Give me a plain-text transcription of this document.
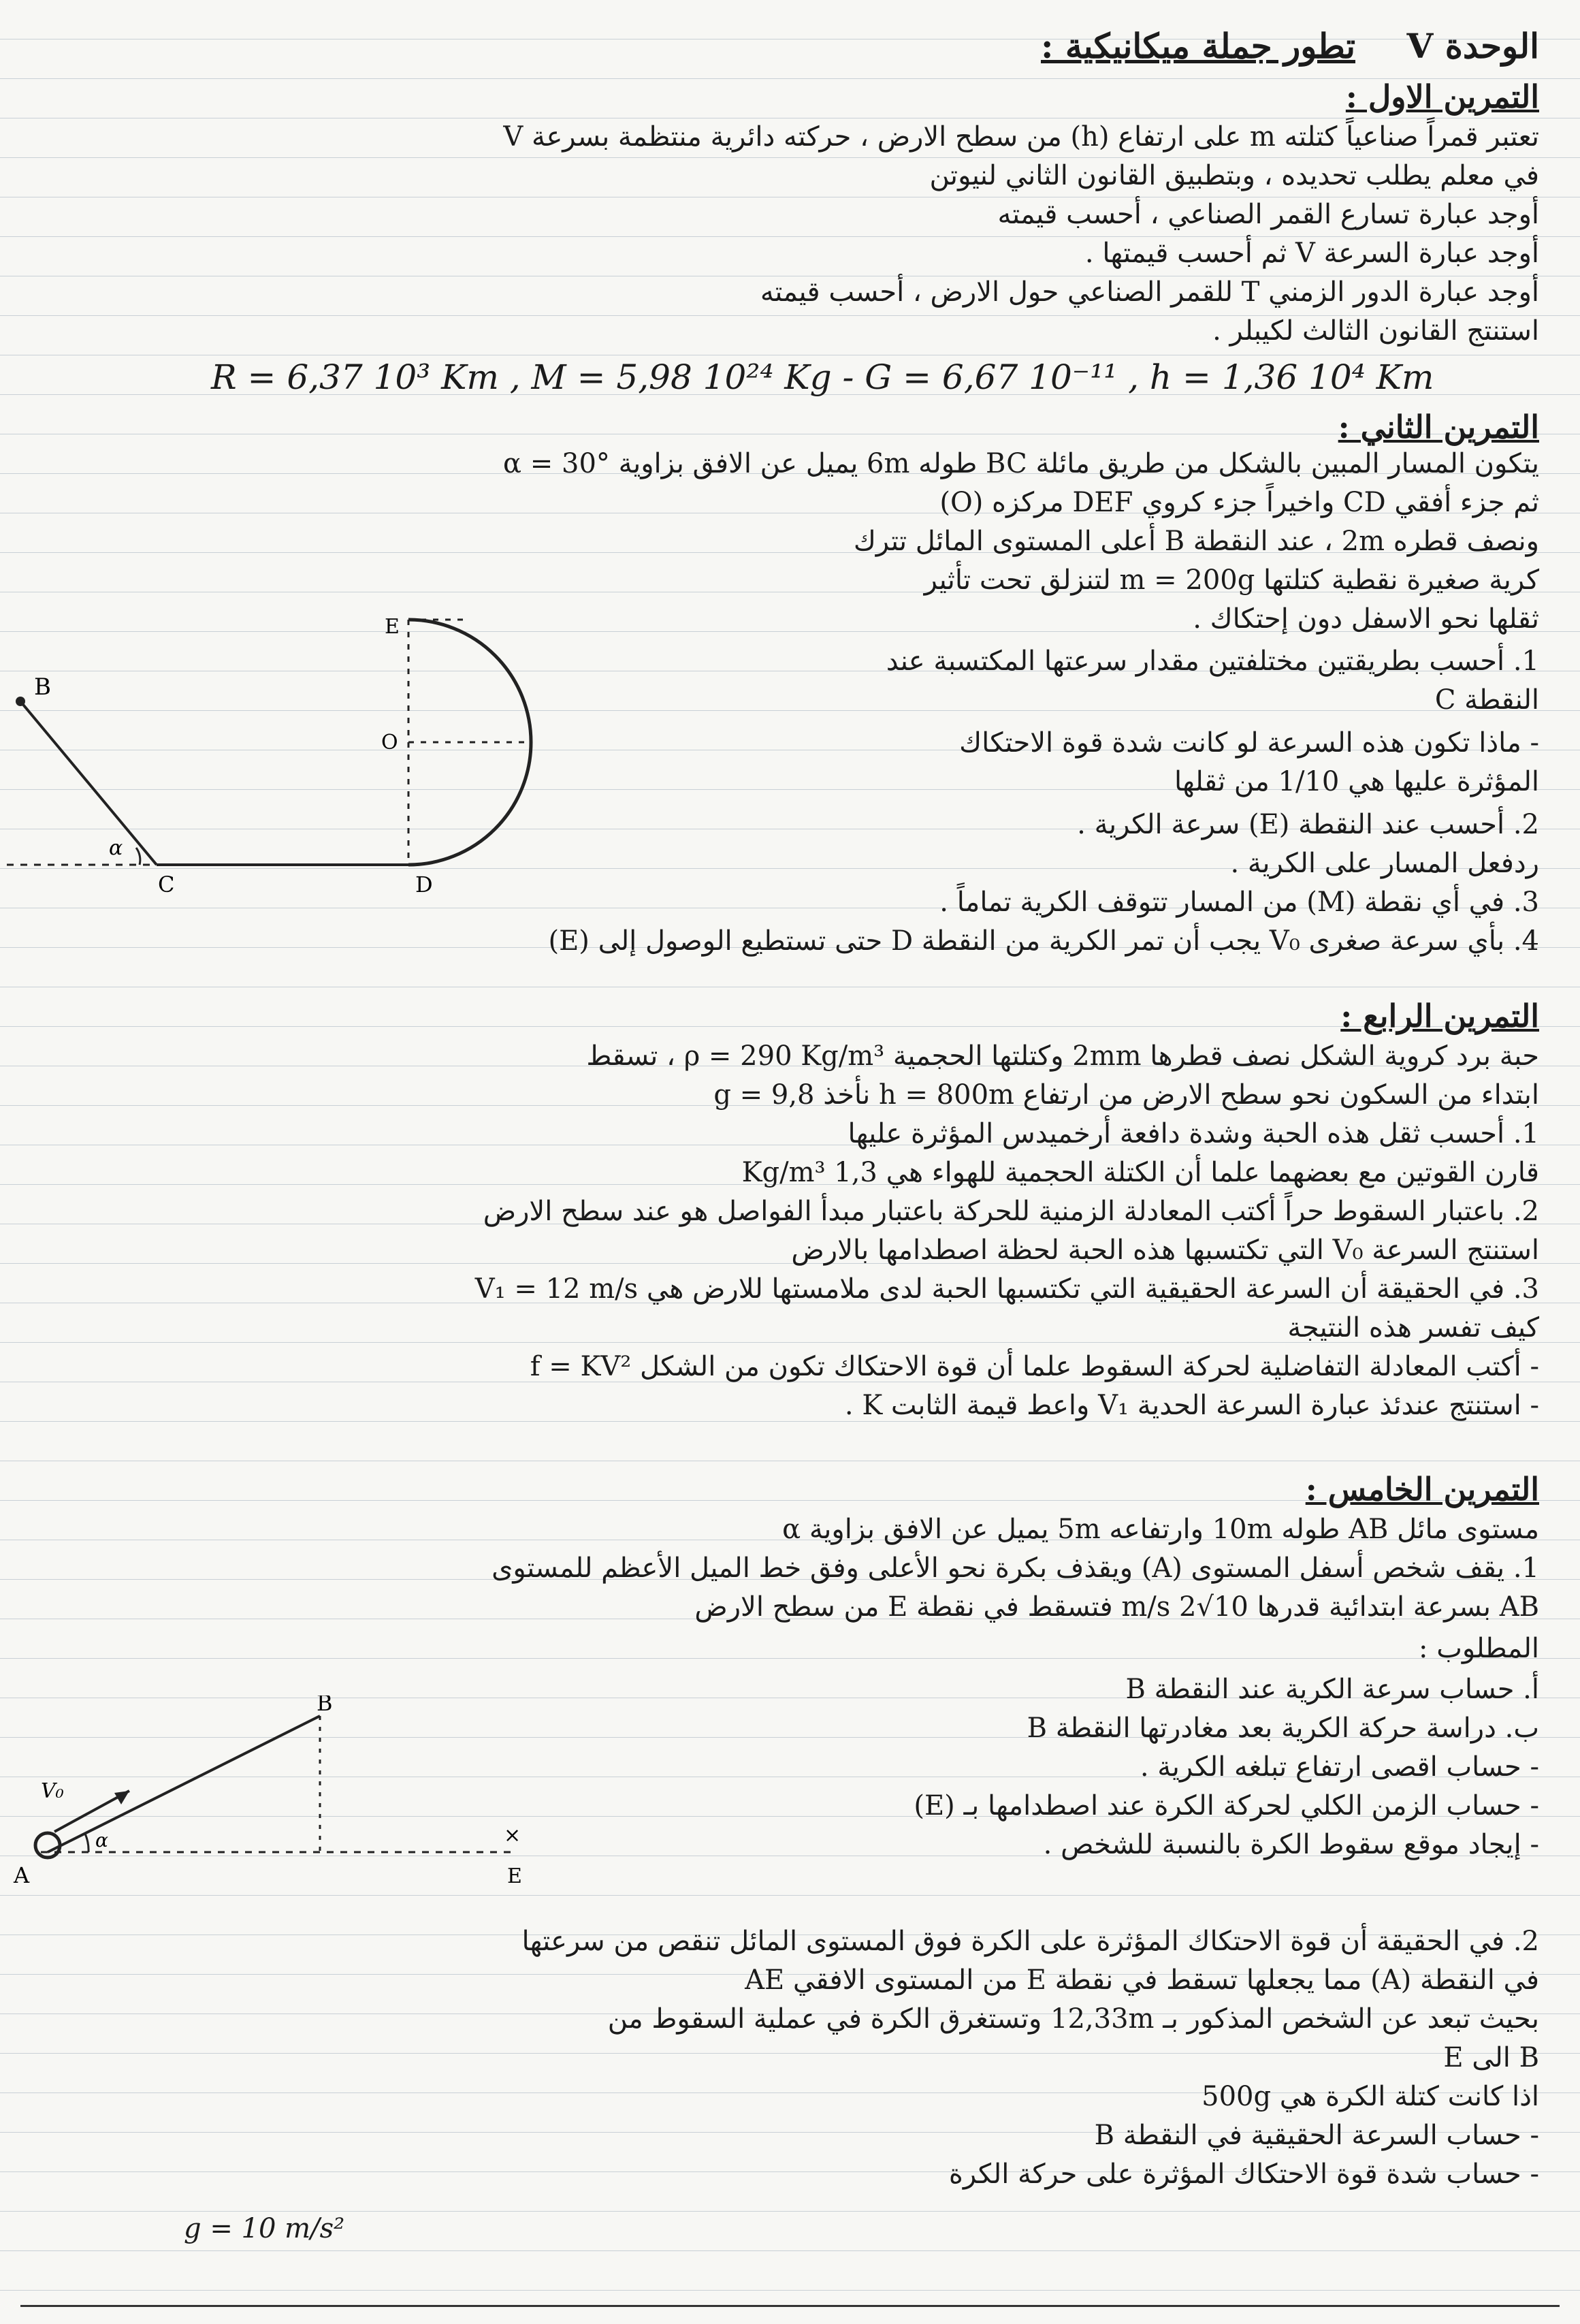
الوحدة V
تطور جملة ميكانيكية :
التمرين الاول :
تعتبر قمراً صناعياً كتلته m على ارتفاع (h) من سطح الارض ، حركته دائرية منتظمة بسرعة V
في معلم يطلب تحديده ، وبتطبيق القانون الثاني لنيوتن
أوجد عبارة تسارع القمر الصناعي ، أحسب قيمته
أوجد عبارة السرعة V ثم أحسب قيمتها .
أوجد عبارة الدور الزمني T للقمر الصناعي حول الارض ، أحسب قيمته
استنتج القانون الثالث لكيبلر .
R = 6,37 10³ Km , M = 5,98 10²⁴ Kg - G = 6,67 10⁻¹¹ , h = 1,36 10⁴ Km
التمرين الثاني :
يتكون المسار المبين بالشكل من طريق مائلة BC طوله 6m يميل عن الافق بزاوية α = 30°
ثم جزء أفقي CD واخيراً جزء كروي DEF مركزه (O)
ونصف قطره 2m ، عند النقطة B أعلى المستوى المائل تترك
كرية صغيرة نقطية كتلتها m = 200g لتنزلق تحت تأثير
ثقلها نحو الاسفل دون إحتكاك .
1. أحسب بطريقتين مختلفتين مقدار سرعتها المكتسبة عند
النقطة C
- ماذا تكون هذه السرعة لو كانت شدة قوة الاحتكاك
المؤثرة عليها هي 1/10 من ثقلها
2. أحسب عند النقطة (E) سرعة الكرية .
ردفعل المسار على الكرية .
3. في أي نقطة (M) من المسار تتوقف الكرية تماماً .
4. بأي سرعة صغرى V₀ يجب أن تمر الكرية من النقطة D حتى تستطيع الوصول إلى (E)
B
α
C
E
O
D
التمرين الرابع :
حبة برد كروية الشكل نصف قطرها 2mm وكتلتها الحجمية ρ = 290 Kg/m³ ، تسقط
ابتداء من السكون نحو سطح الارض من ارتفاع h = 800m نأخذ g = 9,8
1. أحسب ثقل هذه الحبة وشدة دافعة أرخميدس المؤثرة عليها
قارن القوتين مع بعضهما علما أن الكتلة الحجمية للهواء هي 1,3 Kg/m³
2. باعتبار السقوط حراً أكتب المعادلة الزمنية للحركة باعتبار مبدأ الفواصل هو عند سطح الارض
استنتج السرعة V₀ التي تكتسبها هذه الحبة لحظة اصطدامها بالارض
3. في الحقيقة أن السرعة الحقيقية التي تكتسبها الحبة لدى ملامستها للارض هي V₁ = 12 m/s
كيف تفسر هذه النتيجة
- أكتب المعادلة التفاضلية لحركة السقوط علما أن قوة الاحتكاك تكون من الشكل f = KV²
- استنتج عندئذ عبارة السرعة الحدية V₁ واعط قيمة الثابت K .
التمرين الخامس :
مستوى مائل AB طوله 10m وارتفاعه 5m يميل عن الافق بزاوية α
1. يقف شخص أسفل المستوى (A) ويقذف بكرة نحو الأعلى وفق خط الميل الأعظم للمستوى
AB بسرعة ابتدائية قدرها 10√2 m/s فتسقط في نقطة E من سطح الارض
المطلوب :
أ. حساب سرعة الكرية عند النقطة B
ب. دراسة حركة الكرية بعد مغادرتها النقطة B
- حساب اقصى ارتفاع تبلغه الكرية .
- حساب الزمن الكلي لحركة الكرة عند اصطدامها بـ (E)
- إيجاد موقع سقوط الكرة بالنسبة للشخص .
V₀
α
A
B
×
E
2. في الحقيقة أن قوة الاحتكاك المؤثرة على الكرة فوق المستوى المائل تنقص من سرعتها
في النقطة (A) مما يجعلها تسقط في نقطة E من المستوى الافقي AE
بحيث تبعد عن الشخص المذكور بـ 12,33m وتستغرق الكرة في عملية السقوط من
B الى E
اذا كانت كتلة الكرة هي 500g
- حساب السرعة الحقيقية في النقطة B
- حساب شدة قوة الاحتكاك المؤثرة على حركة الكرة
g = 10 m/s²
